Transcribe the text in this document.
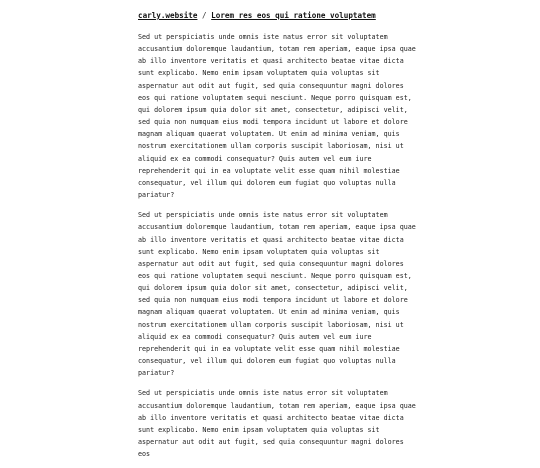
carly.website / Lorem res eos qui ratione voluptatem

Sed ut perspiciatis unde omnis iste natus error sit voluptatem accusantium doloremque laudantium, totam rem aperiam, eaque ipsa quae ab illo inventore veritatis et quasi architecto beatae vitae dicta sunt explicabo. Nemo enim ipsam voluptatem quia voluptas sit aspernatur aut odit aut fugit, sed quia consequuntur magni dolores eos qui ratione voluptatem sequi nesciunt. Neque porro quisquam est, qui dolorem ipsum quia dolor sit amet, consectetur, adipisci velit, sed quia non numquam eius modi tempora incidunt ut labore et dolore magnam aliquam quaerat voluptatem. Ut enim ad minima veniam, quis nostrum exercitationem ullam corporis suscipit laboriosam, nisi ut aliquid ex ea commodi consequatur? Quis autem vel eum iure reprehenderit qui in ea voluptate velit esse quam nihil molestiae consequatur, vel illum qui dolorem eum fugiat quo voluptas nulla pariatur?

Sed ut perspiciatis unde omnis iste natus error sit voluptatem accusantium doloremque laudantium, totam rem aperiam, eaque ipsa quae ab illo inventore veritatis et quasi architecto beatae vitae dicta sunt explicabo. Nemo enim ipsam voluptatem quia voluptas sit aspernatur aut odit aut fugit, sed quia consequuntur magni dolores eos qui ratione voluptatem sequi nesciunt. Neque porro quisquam est, qui dolorem ipsum quia dolor sit amet, consectetur, adipisci velit, sed quia non numquam eius modi tempora incidunt ut labore et dolore magnam aliquam quaerat voluptatem. Ut enim ad minima veniam, quis nostrum exercitationem ullam corporis suscipit laboriosam, nisi ut aliquid ex ea commodi consequatur? Quis autem vel eum iure reprehenderit qui in ea voluptate velit esse quam nihil molestiae consequatur, vel illum qui dolorem eum fugiat quo voluptas nulla pariatur?

Sed ut perspiciatis unde omnis iste natus error sit voluptatem accusantium doloremque laudantium, totam rem aperiam, eaque ipsa quae ab illo inventore veritatis et quasi architecto beatae vitae dicta sunt explicabo. Nemo enim ipsam voluptatem quia voluptas sit aspernatur aut odit aut fugit, sed quia consequuntur magni dolores eos
